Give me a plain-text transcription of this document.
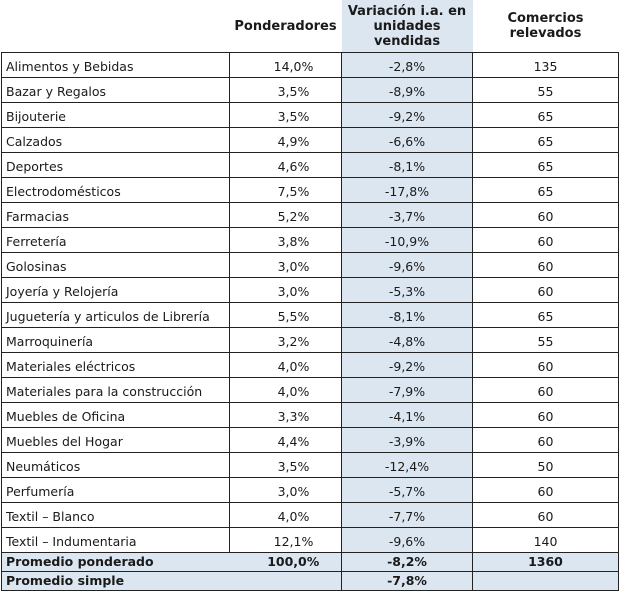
	Ponderadores	Variación i.a. en unidades vendidas	Comercios relevados
Alimentos y Bebidas	14,0%	-2,8%	135
Bazar y Regalos	3,5%	-8,9%	55
Bijouterie	3,5%	-9,2%	65
Calzados	4,9%	-6,6%	65
Deportes	4,6%	-8,1%	65
Electrodomésticos	7,5%	-17,8%	65
Farmacias	5,2%	-3,7%	60
Ferretería	3,8%	-10,9%	60
Golosinas	3,0%	-9,6%	60
Joyería y Relojería	3,0%	-5,3%	60
Juguetería y articulos de Librería	5,5%	-8,1%	65
Marroquinería	3,2%	-4,8%	55
Materiales eléctricos	4,0%	-9,2%	60
Materiales para la construcción	4,0%	-7,9%	60
Muebles de Oficina	3,3%	-4,1%	60
Muebles del Hogar	4,4%	-3,9%	60
Neumáticos	3,5%	-12,4%	50
Perfumería	3,0%	-5,7%	60
Textil – Blanco	4,0%	-7,7%	60
Textil – Indumentaria	12,1%	-9,6%	140
Promedio ponderado	100,0%	-8,2%	1360
Promedio simple		-7,8%	
